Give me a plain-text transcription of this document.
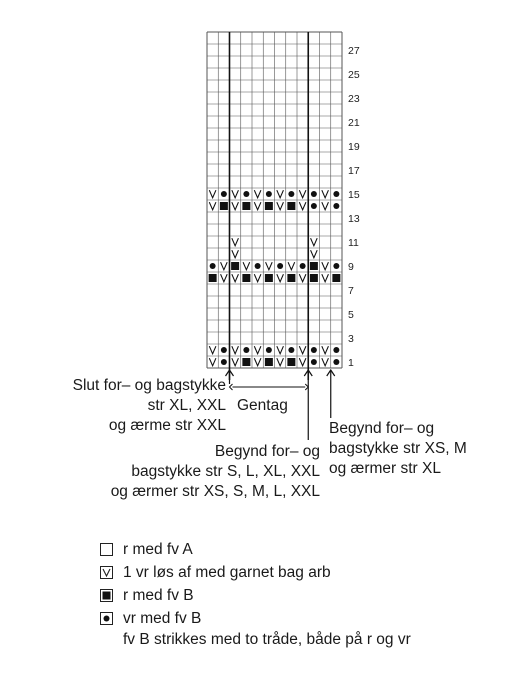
1
3
5
7
9
11
13
15
17
19
21
23
25
27
Slut for– og bagstykke
str XL, XXL
og ærme str XXL
Gentag
Begynd for– og
bagstykke str S, L, XL, XXL
og ærmer str XS, S, M, L, XXL
Begynd for– og
bagstykke str XS, M
og ærmer str XL
r med fv A
1 vr løs af med garnet bag arb
r med fv B
vr med fv B
fv B strikkes med to tråde, både på r og vr
